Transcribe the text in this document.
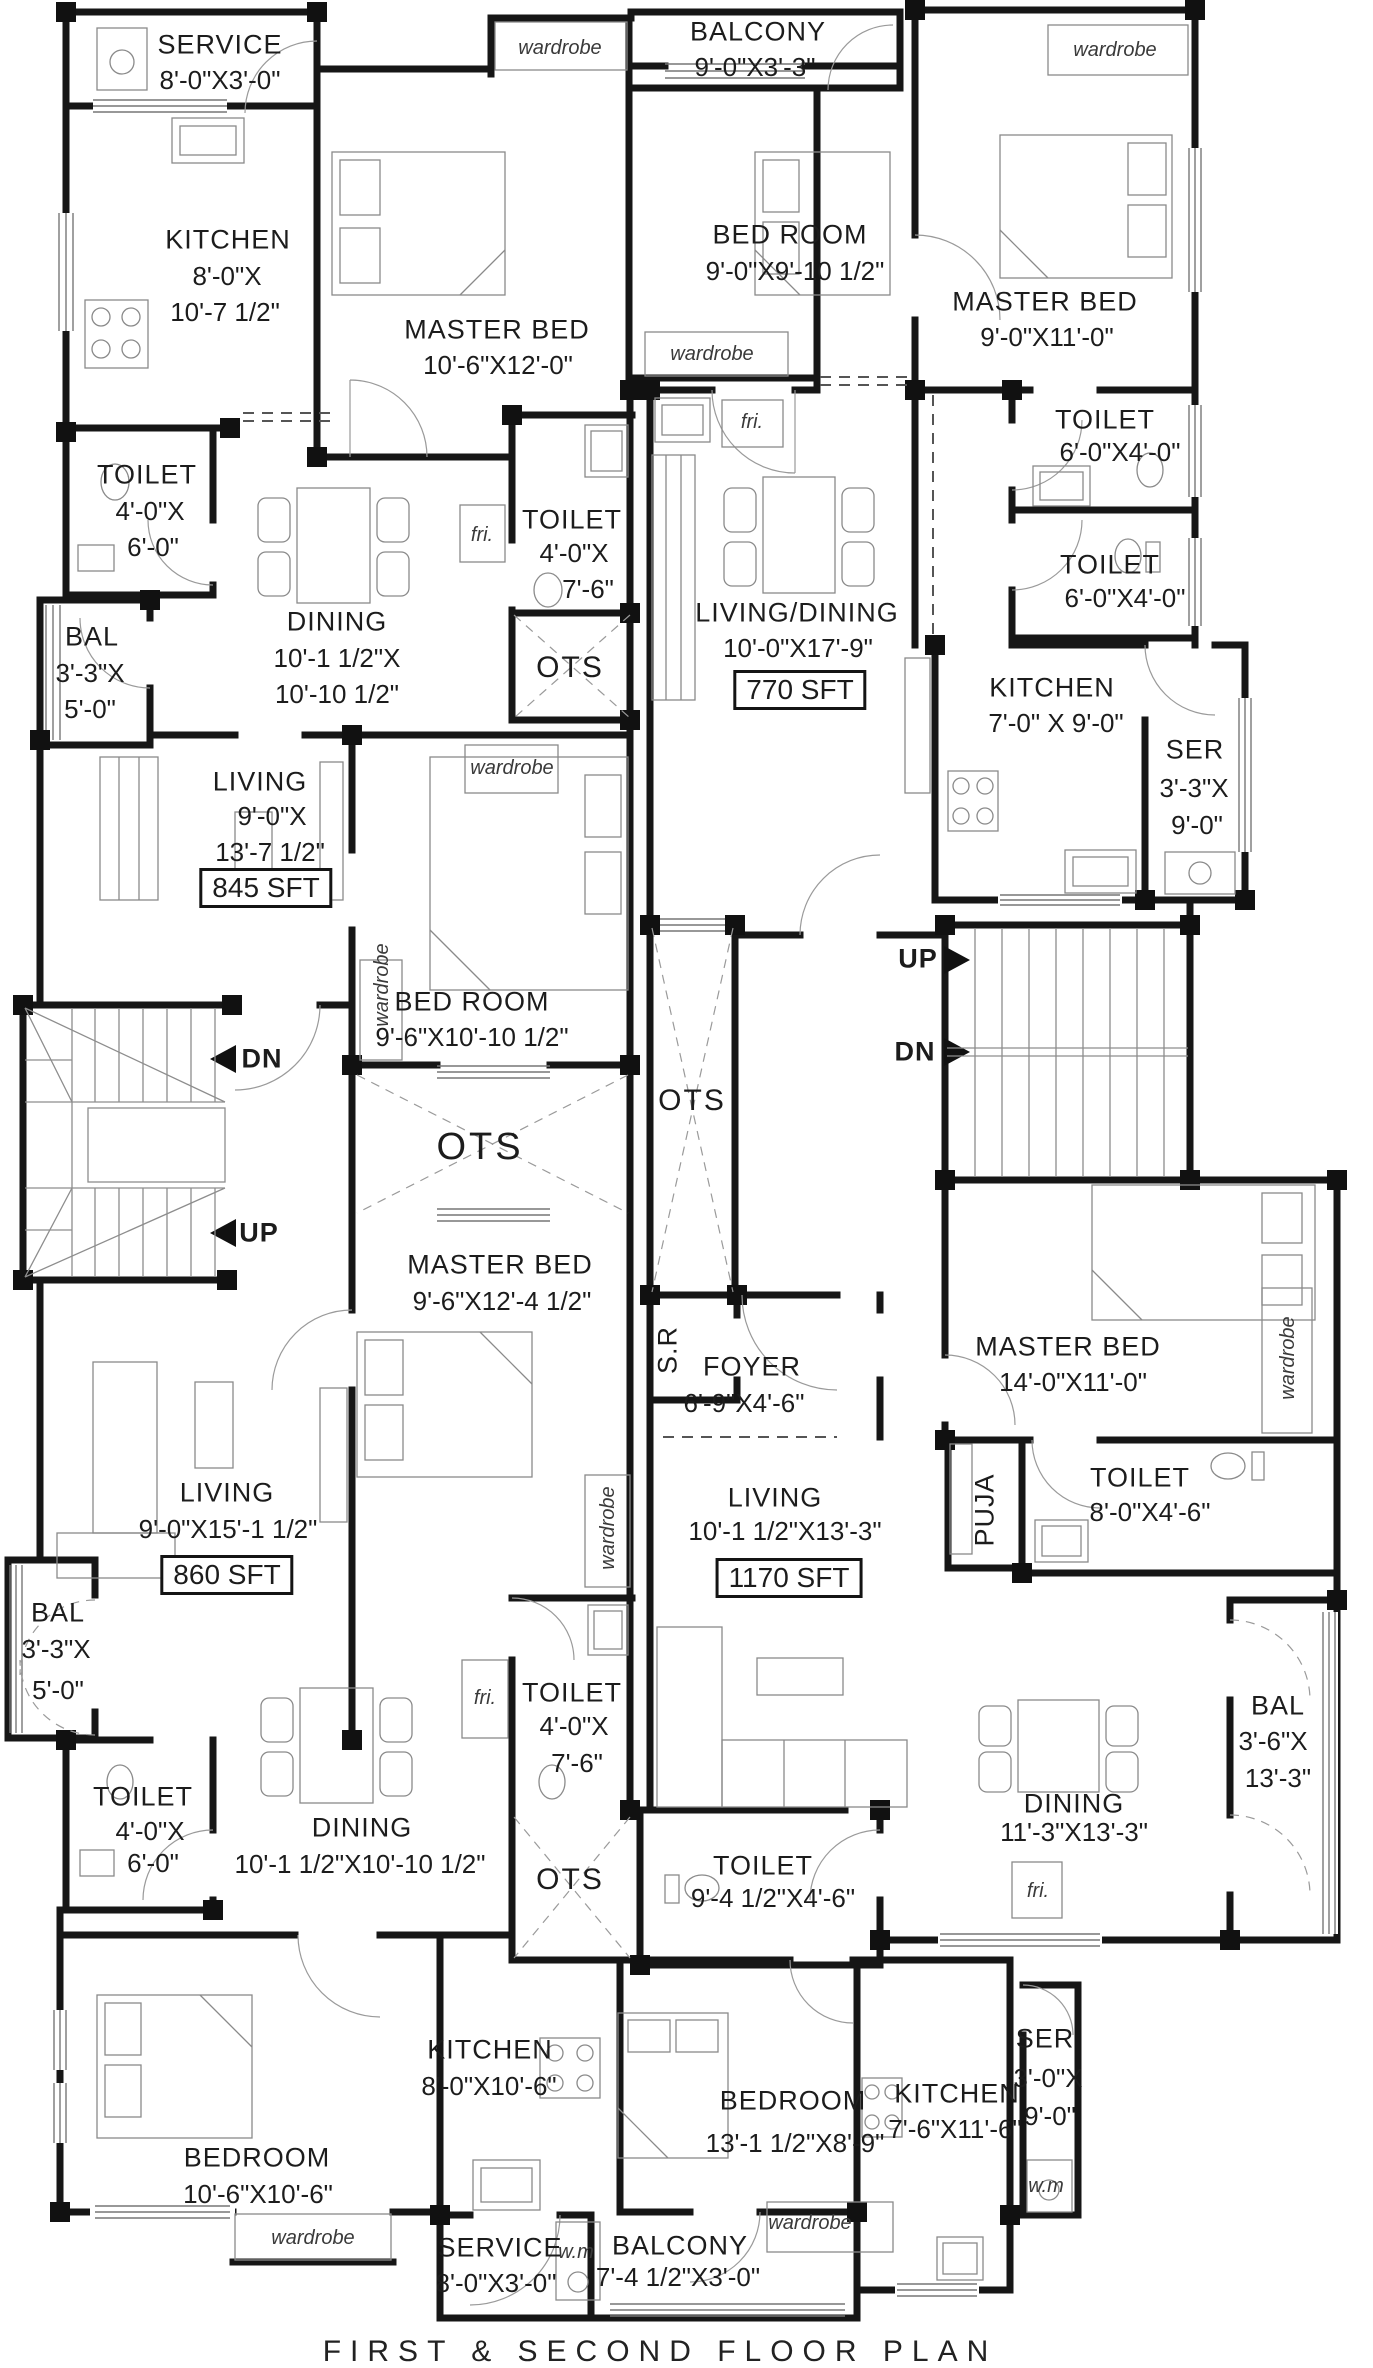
SERVICE
8'-0"X3'-0"
KITCHEN
8'-0"X
10'-7 1/2"
wardrobe
MASTER BED
10'-6"X12'-0"
TOILET
4'-0"X
6'-0"
BAL
3'-3"X
5'-0"
DINING
10'-1 1/2"X
10'-10 1/2"
fri.
TOILET
4'-0"X
7'-6"
OTS
wardrobe
LIVING
9'-0"X
13'-7 1/2"
845 SFT
BED ROOM
9'-6"X10'-10 1/2"
wardrobe
BALCONY
9'-0"X3'-3"
BED ROOM
9'-0"X9'-10 1/2"
wardrobe
fri.
wardrobe
MASTER BED
9'-0"X11'-0"
TOILET
6'-0"X4'-0"
TOILET
6'-0"X4'-0"
LIVING/DINING
10'-0"X17'-9"
770 SFT	KITCHEN
7'-0" X 9'-0"
SER
3'-3"X
9'-0"
UP
DN
DN
UP
OTS
OTS
MASTER BED
9'-6"X12'-4 1/2"
S.R FOYER
6'-9"X4'-6"
wardrobe
MASTER BED
14'-0"X11'-0"
PUJA	TOILET
8'-0"X4'-6"
LIVING
9'-0"X15'-1 1/2"
860 SFT
BAL
3'-3"X
5'-0"
wardrobe
TOILET
4'-0"X
6'-0"
DINING
10'-1 1/2"X10'-10 1/2"
fri. TOILET
4'-0"X
7'-6"
OTS
BEDROOM
10'-6"X10'-6"
wardrobe
KITCHEN
8'-0"X10'-6"
SERVICE
8'-0"X3'-0"
w.m
LIVING
10'-1 1/2"X13'-3"
1170 SFT
TOILET
9'-4 1/2"X4'-6"
DINING
11'-3"X13'-3"
BAL
3'-6"X
13'-3"
fri.
BEDROOM
13'-1 1/2"X8'-9"
wardrobe
BALCONY
7'-4 1/2"X3'-0"
KITCHEN
7'-6"X11'-6"
SER
3'-0"X
9'-0"
w.m
FIRST & SECOND FLOOR PLAN
